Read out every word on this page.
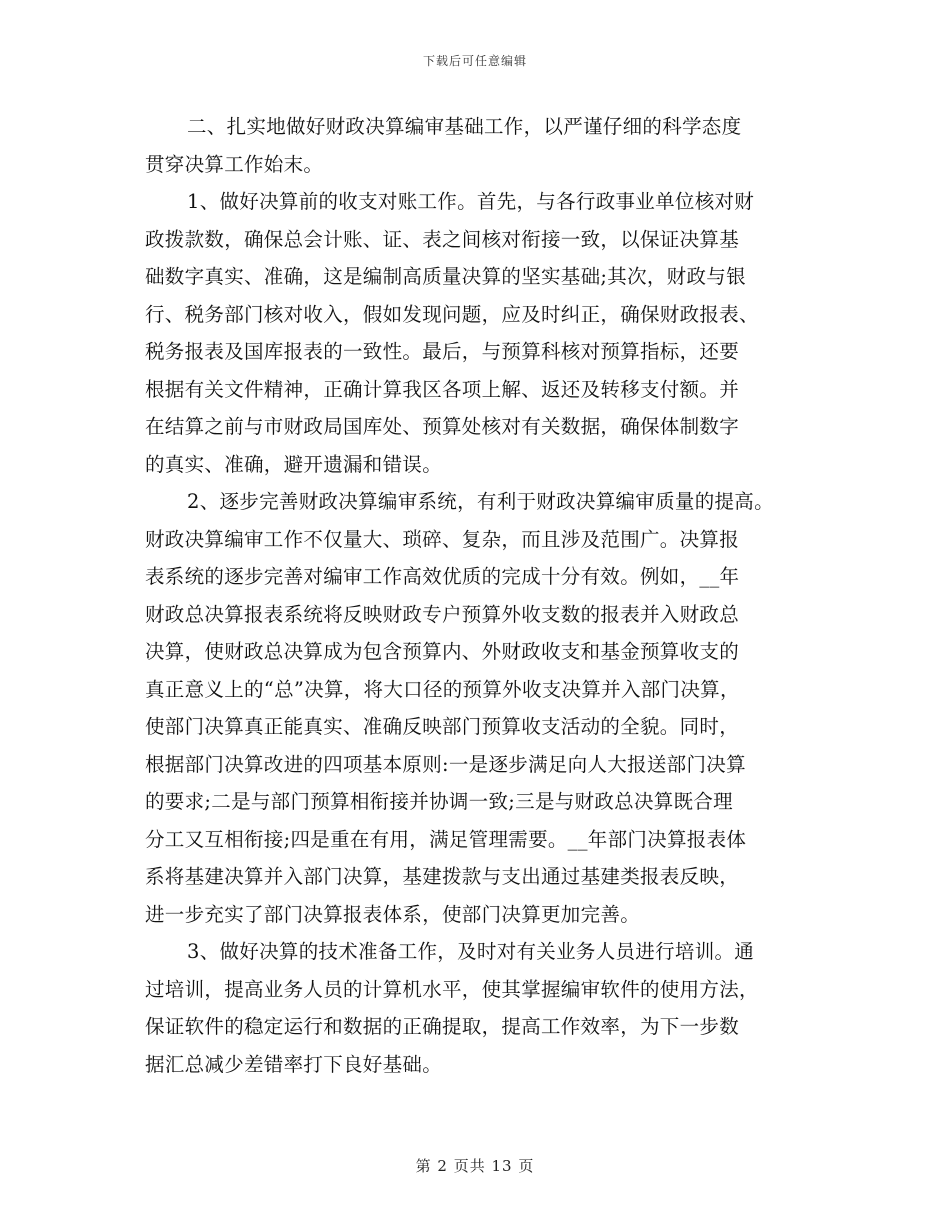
下载后可任意编辑
二、扎实地做好财政决算编审基础工作，以严谨仔细的科学态度
贯穿决算工作始末。
1、做好决算前的收支对账工作。首先，与各行政事业单位核对财
政拨款数，确保总会计账、证、表之间核对衔接一致，以保证决算基
础数字真实、准确，这是编制高质量决算的坚实基础;其次，财政与银
行、税务部门核对收入，假如发现问题，应及时纠正，确保财政报表、
税务报表及国库报表的一致性。最后，与预算科核对预算指标，还要
根据有关文件精神，正确计算我区各项上解、返还及转移支付额。并
在结算之前与市财政局国库处、预算处核对有关数据，确保体制数字
的真实、准确，避开遗漏和错误。
2、逐步完善财政决算编审系统，有利于财政决算编审质量的提高。
财政决算编审工作不仅量大、琐碎、复杂，而且涉及范围广。决算报
表系统的逐步完善对编审工作高效优质的完成十分有效。例如，__年
财政总决算报表系统将反映财政专户预算外收支数的报表并入财政总
决算，使财政总决算成为包含预算内、外财政收支和基金预算收支的
真正意义上的“总”决算，将大口径的预算外收支决算并入部门决算，
使部门决算真正能真实、准确反映部门预算收支活动的全貌。同时，
根据部门决算改进的四项基本原则:一是逐步满足向人大报送部门决算
的要求;二是与部门预算相衔接并协调一致;三是与财政总决算既合理
分工又互相衔接;四是重在有用，满足管理需要。__年部门决算报表体
系将基建决算并入部门决算，基建拨款与支出通过基建类报表反映，
进一步充实了部门决算报表体系，使部门决算更加完善。
3、做好决算的技术准备工作，及时对有关业务人员进行培训。通
过培训，提高业务人员的计算机水平，使其掌握编审软件的使用方法，
保证软件的稳定运行和数据的正确提取，提高工作效率，为下一步数
据汇总减少差错率打下良好基础。
第 2 页共 13 页
